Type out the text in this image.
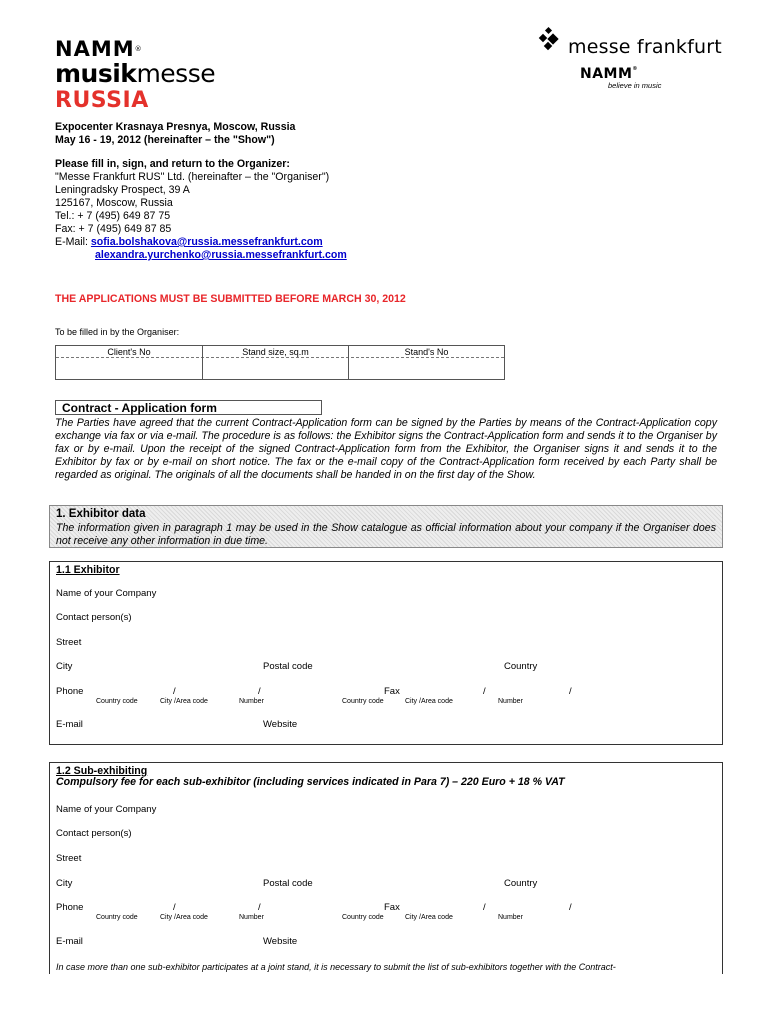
NAMM®
musikmesse
RUSSIA
messe frankfurt
NAMM®
believe in music
Expocenter Krasnaya Presnya, Moscow, Russia
May 16 - 19, 2012 (hereinafter – the "Show")
Please fill in, sign, and return to the Organizer:
"Messe Frankfurt RUS" Ltd. (hereinafter – the "Organiser")
Leningradsky Prospect, 39 A
125167, Moscow, Russia
Tel.: + 7 (495) 649 87 75
Fax: + 7 (495) 649 87 85
E-Mail: sofia.bolshakova@russia.messefrankfurt.com
alexandra.yurchenko@russia.messefrankfurt.com
THE APPLICATIONS MUST BE SUBMITTED BEFORE MARCH 30, 2012
To be filled in by the Organiser:
Client's No	Stand size, sq.m	Stand's No
Contract - Application form
The Parties have agreed that the current Contract-Application form can be signed by the Parties by means of the Contract-Application copy exchange via fax or via e-mail. The procedure is as follows: the Exhibitor signs the Contract-Application form and sends it to the Organiser by fax or by e-mail. Upon the receipt of the signed Contract-Application form from the Exhibitor, the Organiser signs it and sends it to the Exhibitor by fax or by e-mail on short notice. The fax or the e-mail copy of the Contract-Application form received by each Party shall be regarded as original. The originals of all the documents shall be handed in on the first day of the Show.
1. Exhibitor data
The information given in paragraph 1 may be used in the Show catalogue as official information about your company if the Organiser does not receive any other information in due time.
1.1 Exhibitor
Name of your Company
Contact person(s)
Street
City	Postal code	Country
Phone	/	/	Fax	/	/
Country code	City /Area code	Number	Country code	City /Area code	Number
E-mail	Website
1.2 Sub-exhibiting
Compulsory fee for each sub-exhibitor (including services indicated in Para 7) – 220 Euro + 18 % VAT
Name of your Company
Contact person(s)
Street
City	Postal code	Country
Phone	/	/	Fax	/	/
Country code	City /Area code	Number	Country code	City /Area code	Number
E-mail	Website
In case more than one sub-exhibitor participates at a joint stand, it is necessary to submit the list of sub-exhibitors together with the Contract-
